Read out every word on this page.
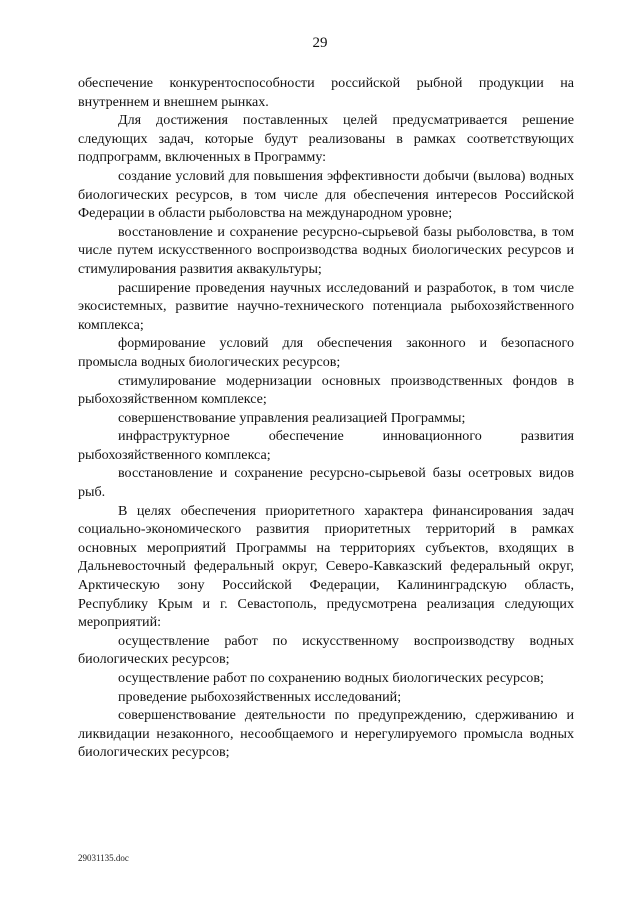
29

обеспечение конкурентоспособности российской рыбной продукции на внутреннем и внешнем рынках.

Для достижения поставленных целей предусматривается решение следующих задач, которые будут реализованы в рамках соответствующих подпрограмм, включенных в Программу:

создание условий для повышения эффективности добычи (вылова) водных биологических ресурсов, в том числе для обеспечения интересов Российской Федерации в области рыболовства на международном уровне;

восстановление и сохранение ресурсно-сырьевой базы рыболовства, в том числе путем искусственного воспроизводства водных биологических ресурсов и стимулирования развития аквакультуры;

расширение проведения научных исследований и разработок, в том числе экосистемных, развитие научно-технического потенциала рыбохозяйственного комплекса;

формирование условий для обеспечения законного и безопасного промысла водных биологических ресурсов;

стимулирование модернизации основных производственных фондов в рыбохозяйственном комплексе;

совершенствование управления реализацией Программы;

инфраструктурное обеспечение инновационного развития рыбохозяйственного комплекса;

восстановление и сохранение ресурсно-сырьевой базы осетровых видов рыб.

В целях обеспечения приоритетного характера финансирования задач социально-экономического развития приоритетных территорий в рамках основных мероприятий Программы на территориях субъектов, входящих в Дальневосточный федеральный округ, Северо-Кавказский федеральный округ, Арктическую зону Российской Федерации, Калининградскую область, Республику Крым и г. Севастополь, предусмотрена реализация следующих мероприятий:

осуществление работ по искусственному воспроизводству водных биологических ресурсов;

осуществление работ по сохранению водных биологических ресурсов;

проведение рыбохозяйственных исследований;

совершенствование деятельности по предупреждению, сдерживанию и ликвидации незаконного, несообщаемого и нерегулируемого промысла водных биологических ресурсов;

29031135.doc
